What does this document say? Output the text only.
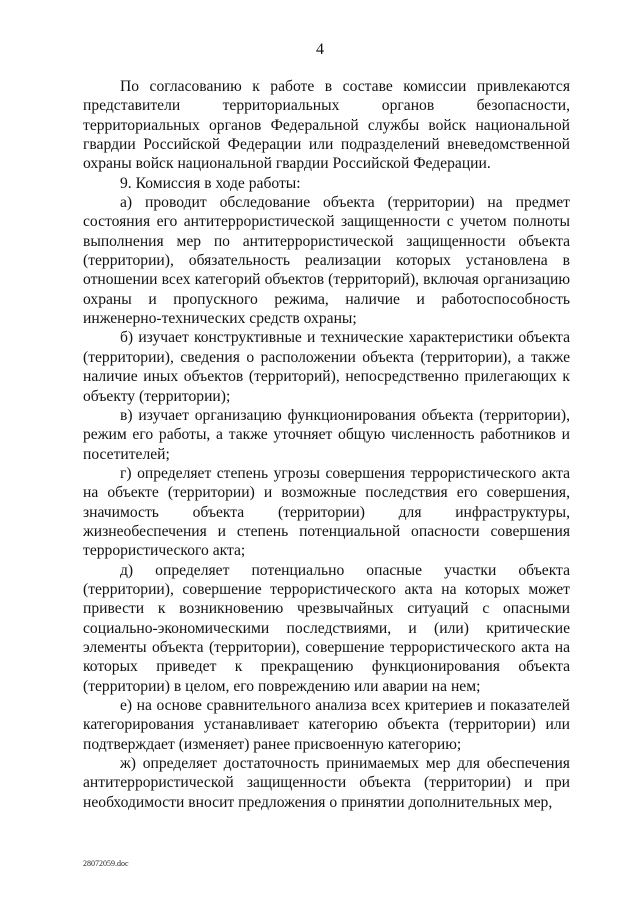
4

По согласованию к работе в составе комиссии привлекаются представители территориальных органов безопасности, территориальных органов Федеральной службы войск национальной гвардии Российской Федерации или подразделений вневедомственной охраны войск национальной гвардии Российской Федерации.

9. Комиссия в ходе работы:

а) проводит обследование объекта (территории) на предмет состояния его антитеррористической защищенности с учетом полноты выполнения мер по антитеррористической защищенности объекта (территории), обязательность реализации которых установлена в отношении всех категорий объектов (территорий), включая организацию охраны и пропускного режима, наличие и работоспособность инженерно-технических средств охраны;

б) изучает конструктивные и технические характеристики объекта (территории), сведения о расположении объекта (территории), а также наличие иных объектов (территорий), непосредственно прилегающих к объекту (территории);

в) изучает организацию функционирования объекта (территории), режим его работы, а также уточняет общую численность работников и посетителей;

г) определяет степень угрозы совершения террористического акта на объекте (территории) и возможные последствия его совершения, значимость объекта (территории) для инфраструктуры, жизнеобеспечения и степень потенциальной опасности совершения террористического акта;

д) определяет потенциально опасные участки объекта (территории), совершение террористического акта на которых может привести к возникновению чрезвычайных ситуаций с опасными социально-экономическими последствиями, и (или) критические элементы объекта (территории), совершение террористического акта на которых приведет к прекращению функционирования объекта (территории) в целом, его повреждению или аварии на нем;

е) на основе сравнительного анализа всех критериев и показателей категорирования устанавливает категорию объекта (территории) или подтверждает (изменяет) ранее присвоенную категорию;

ж) определяет достаточность принимаемых мер для обеспечения антитеррористической защищенности объекта (территории) и при необходимости вносит предложения о принятии дополнительных мер,

28072059.doc
